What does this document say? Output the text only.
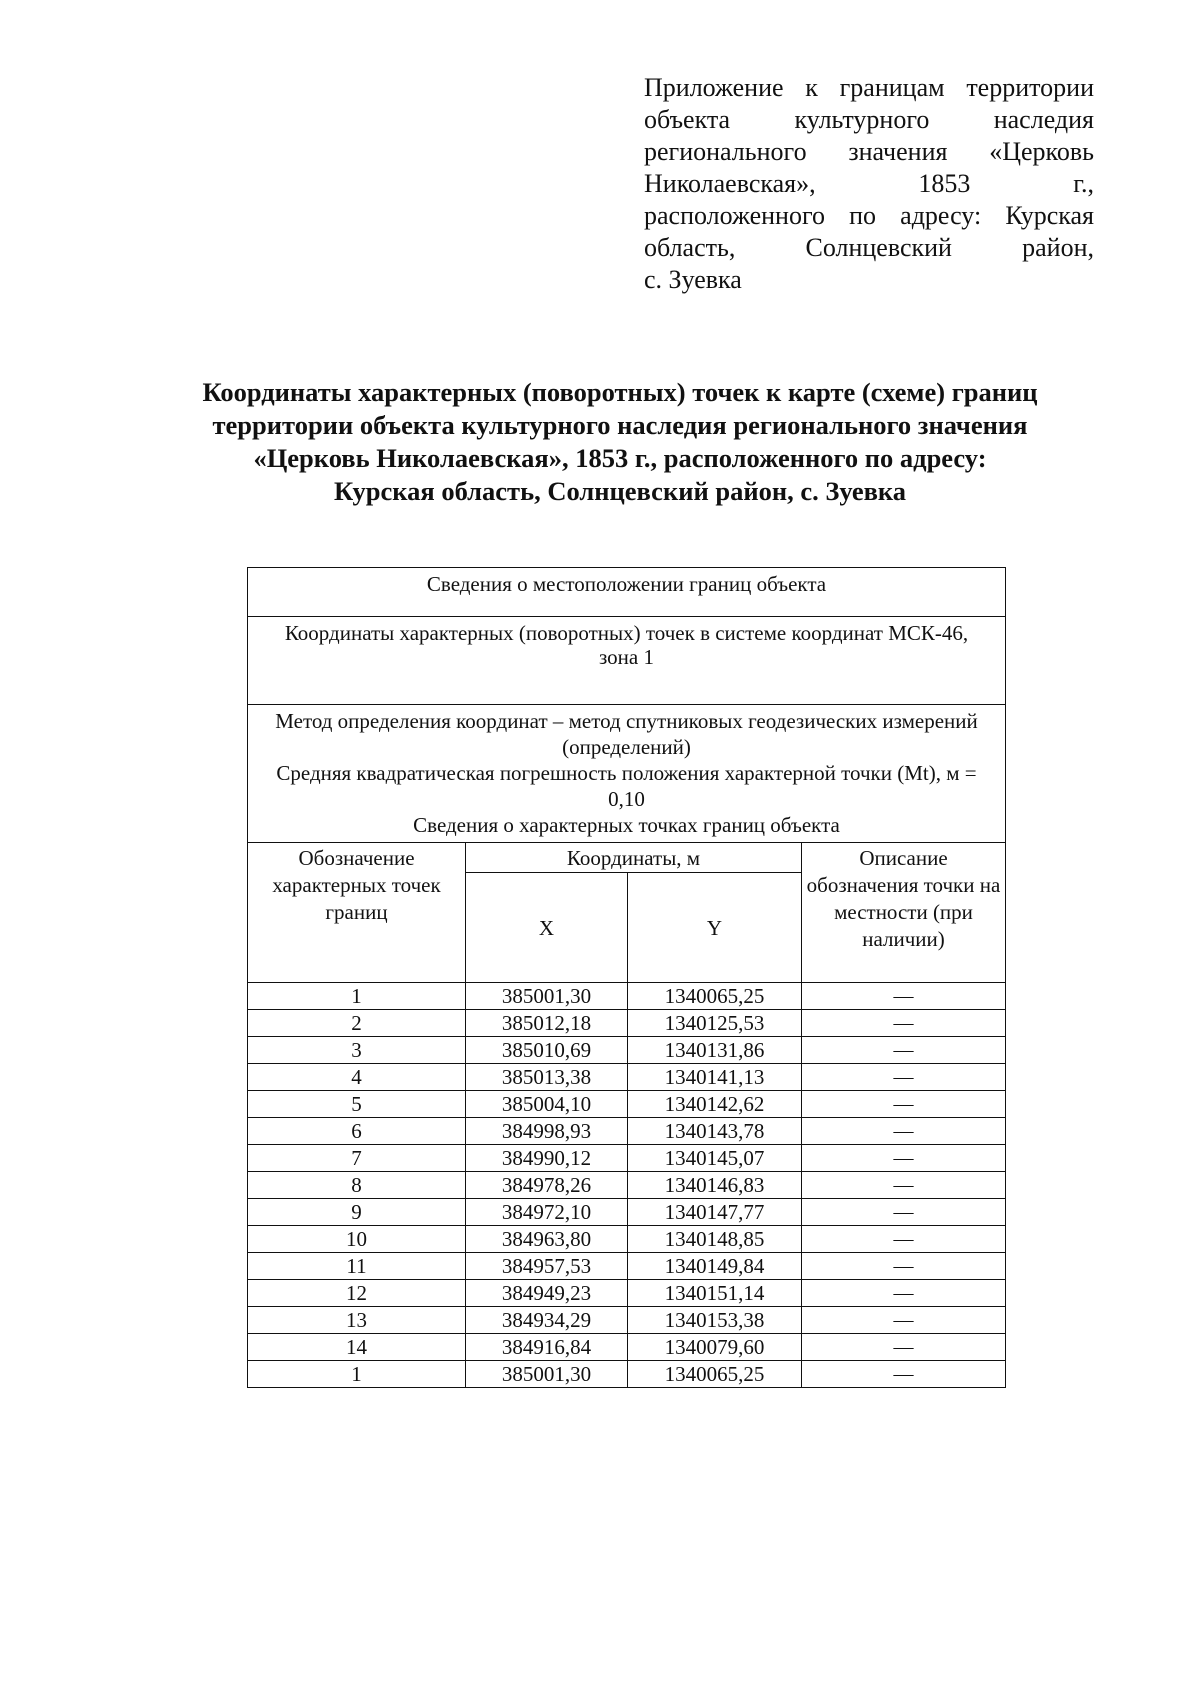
Приложение к границам территории
объекта культурного наследия
регионального значения «Церковь
Николаевская», 1853 г.,
расположенного по адресу: Курская
область, Солнцевский район,
с. Зуевка
Координаты характерных (поворотных) точек к карте (схеме) границ
территории объекта культурного наследия регионального значения
«Церковь Николаевская», 1853 г., расположенного по адресу:
Курская область, Солнцевский район, с. Зуевка
Сведения о местоположении границ объекта			
Координаты характерных (поворотных) точек в системе координат МСК-46, зона 1			

Метод определения координат – метод спутниковых геодезических измерений (определений)
Средняя квадратическая погрешность положения характерной точки (Mt), м = 0,10
Сведения о характерных точках границ объекта			

Обозначение характерных точек границ	Координаты, м		Описание обозначения точки на местности (при наличии)
	X	Y	
1	385001,30	1340065,25	—
2	385012,18	1340125,53	—
3	385010,69	1340131,86	—
4	385013,38	1340141,13	—
5	385004,10	1340142,62	—
6	384998,93	1340143,78	—
7	384990,12	1340145,07	—
8	384978,26	1340146,83	—
9	384972,10	1340147,77	—
10	384963,80	1340148,85	—
11	384957,53	1340149,84	—
12	384949,23	1340151,14	—
13	384934,29	1340153,38	—
14	384916,84	1340079,60	—
1	385001,30	1340065,25	—
